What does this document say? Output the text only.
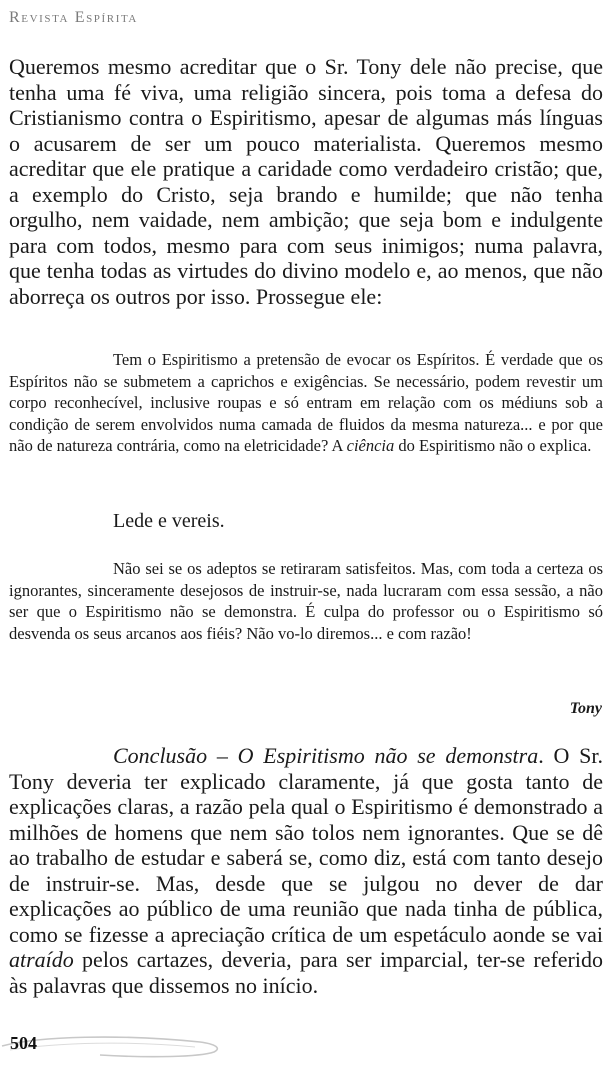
Revista Espírita

Queremos mesmo acreditar que o Sr. Tony dele não precise, que tenha uma fé viva, uma religião sincera, pois toma a defesa do Cristianismo contra o Espiritismo, apesar de algumas más línguas o acusarem de ser um pouco materialista. Queremos mesmo acreditar que ele pratique a caridade como verdadeiro cristão; que, a exemplo do Cristo, seja brando e humilde; que não tenha orgulho, nem vaidade, nem ambição; que seja bom e indulgente para com todos, mesmo para com seus inimigos; numa palavra, que tenha todas as virtudes do divino modelo e, ao menos, que não aborreça os outros por isso. Prossegue ele:

Tem o Espiritismo a pretensão de evocar os Espíritos. É verdade que os Espíritos não se submetem a caprichos e exigências. Se necessário, podem revestir um corpo reconhecível, inclusive roupas e só entram em relação com os médiuns sob a condição de serem envolvidos numa camada de fluidos da mesma natureza... e por que não de natureza contrária, como na eletricidade? A ciência do Espiritismo não o explica.

Lede e vereis.

Não sei se os adeptos se retiraram satisfeitos. Mas, com toda a certeza os ignorantes, sinceramente desejosos de instruir-se, nada lucraram com essa sessão, a não ser que o Espiritismo não se demonstra. É culpa do professor ou o Espiritismo só desvenda os seus arcanos aos fiéis? Não vo-lo diremos... e com razão!

Tony

Conclusão – O Espiritismo não se demonstra. O Sr. Tony deveria ter explicado claramente, já que gosta tanto de explicações claras, a razão pela qual o Espiritismo é demonstrado a milhões de homens que nem são tolos nem ignorantes. Que se dê ao trabalho de estudar e saberá se, como diz, está com tanto desejo de instruir-se. Mas, desde que se julgou no dever de dar explicações ao público de uma reunião que nada tinha de pública, como se fizesse a apreciação crítica de um espetáculo aonde se vai atraído pelos cartazes, deveria, para ser imparcial, ter-se referido às palavras que dissemos no início.

504
